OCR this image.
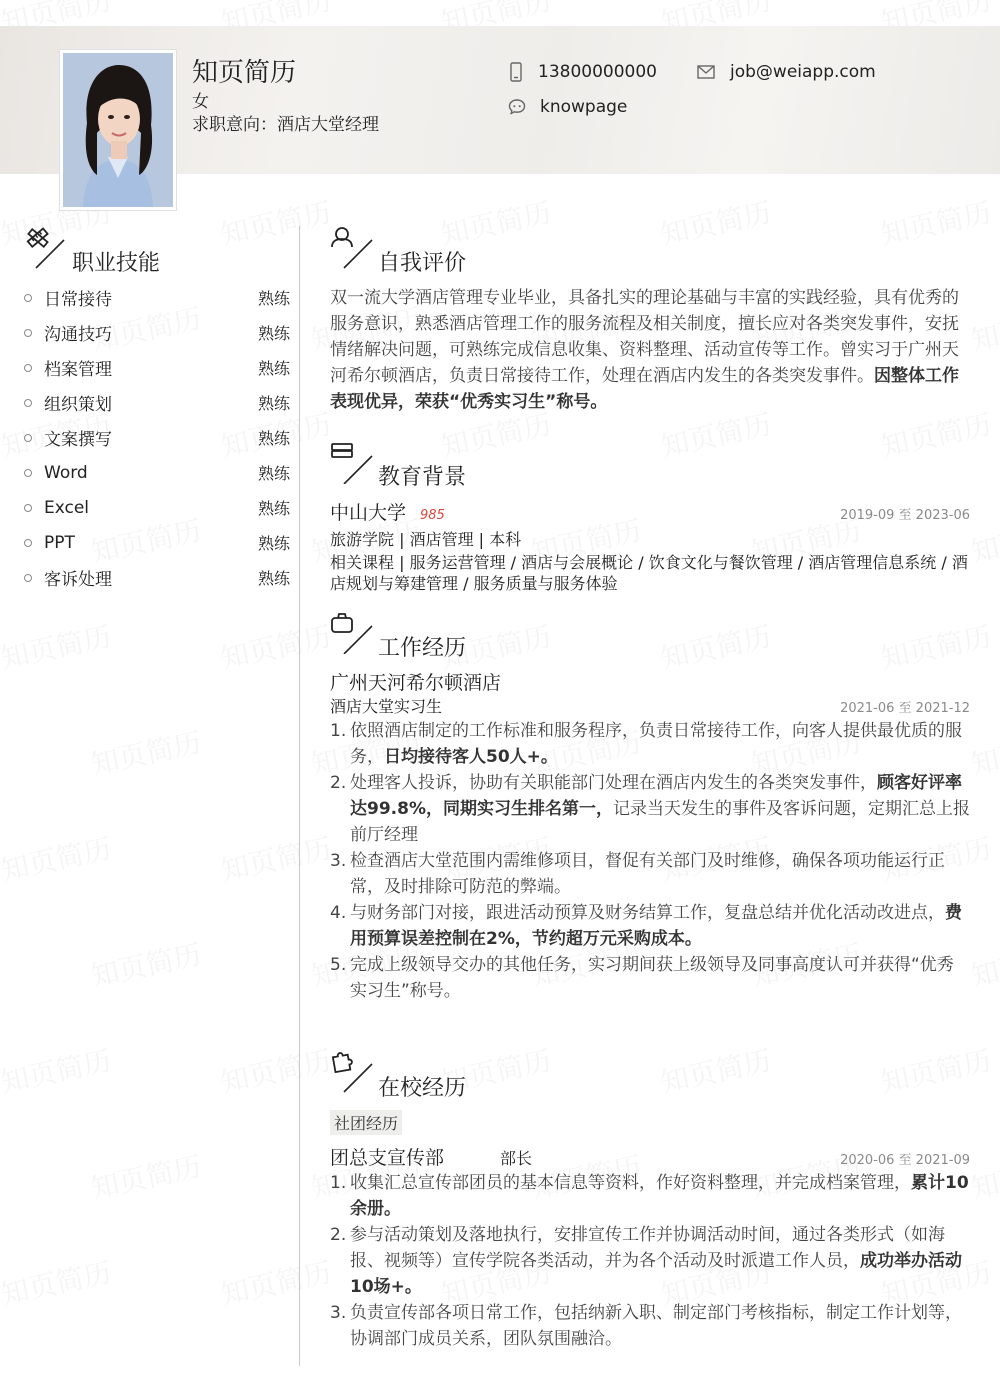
知页简历
女
求职意向：酒店大堂经理
13800000000	job@weiapp.com
knowpage
职业技能
日常接待	熟练
沟通技巧	熟练
档案管理	熟练
组织策划	熟练
文案撰写	熟练
Word	熟练
Excel	熟练
PPT	熟练
客诉处理	熟练
自我评价
双一流大学酒店管理专业毕业，具备扎实的理论基础与丰富的实践经验，具有优秀的服务意识，熟悉酒店管理工作的服务流程及相关制度，擅长应对各类突发事件，安抚情绪解决问题，可熟练完成信息收集、资料整理、活动宣传等工作。曾实习于广州天河希尔顿酒店，负责日常接待工作，处理在酒店内发生的各类突发事件。因整体工作表现优异，荣获“优秀实习生”称号。
教育背景
中山大学 985	2019-09 至 2023-06
旅游学院 | 酒店管理 | 本科
相关课程 | 服务运营管理 / 酒店与会展概论 / 饮食文化与餐饮管理 / 酒店管理信息系统 / 酒店规划与筹建管理 / 服务质量与服务体验
工作经历
广州天河希尔顿酒店
酒店大堂实习生	2021-06 至 2021-12
1. 依照酒店制定的工作标准和服务程序，负责日常接待工作，向客人提供最优质的服务，日均接待客人50人+。
2. 处理客人投诉，协助有关职能部门处理在酒店内发生的各类突发事件，顾客好评率达99.8%，同期实习生排名第一，记录当天发生的事件及客诉问题，定期汇总上报前厅经理
3. 检查酒店大堂范围内需维修项目，督促有关部门及时维修，确保各项功能运行正常，及时排除可防范的弊端。
4. 与财务部门对接，跟进活动预算及财务结算工作，复盘总结并优化活动改进点，费用预算误差控制在2%，节约超万元采购成本。
5. 完成上级领导交办的其他任务，实习期间获上级领导及同事高度认可并获得“优秀实习生”称号。
在校经历
社团经历
团总支宣传部	部长	2020-06 至 2021-09
1. 收集汇总宣传部团员的基本信息等资料，作好资料整理，并完成档案管理，累计10余册。
2. 参与活动策划及落地执行，安排宣传工作并协调活动时间，通过各类形式（如海报、视频等）宣传学院各类活动，并为各个活动及时派遣工作人员，成功举办活动10场+。
3. 负责宣传部各项日常工作，包括纳新入职、制定部门考核指标，制定工作计划等，协调部门成员关系，团队氛围融洽。
